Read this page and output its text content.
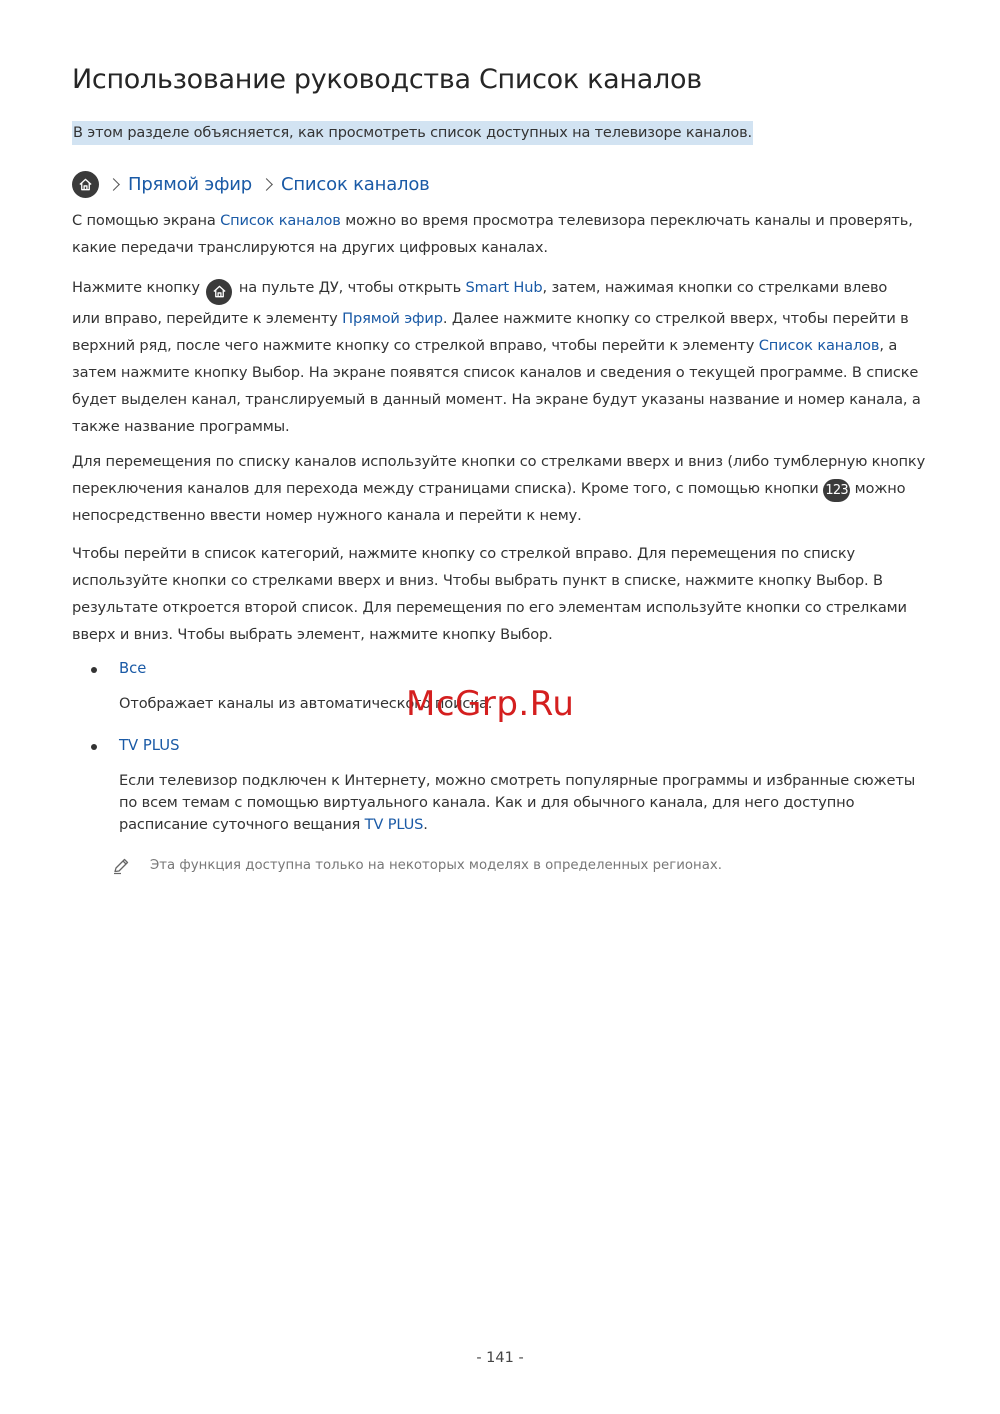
Использование руководства Список каналов
В этом разделе объясняется, как просмотреть список доступных на телевизоре каналов.
Прямой эфир Список каналов

С помощью экрана Список каналов можно во время просмотра телевизора переключать каналы и проверять,
какие передачи транслируются на других цифровых каналах.

Нажмите кнопку
на пульте ДУ, чтобы открыть Smart Hub, затем, нажимая кнопки со стрелками влево
или вправо, перейдите к элементу Прямой эфир. Далее нажмите кнопку со стрелкой вверх, чтобы перейти в
верхний ряд, после чего нажмите кнопку со стрелкой вправо, чтобы перейти к элементу Список каналов, а
затем нажмите кнопку Выбор. На экране появятся список каналов и сведения о текущей программе. В списке
будет выделен канал, транслируемый в данный момент. На экране будут указаны название и номер канала, а
также название программы.

Для перемещения по списку каналов используйте кнопки со стрелками вверх и вниз (либо тумблерную кнопку
переключения каналов для перехода между страницами списка). Кроме того, с помощью кнопки 123 можно
непосредственно ввести номер нужного канала и перейти к нему.

Чтобы перейти в список категорий, нажмите кнопку со стрелкой вправо. Для перемещения по списку
используйте кнопки со стрелками вверх и вниз. Чтобы выбрать пункт в списке, нажмите кнопку Выбор. В
результате откроется второй список. Для перемещения по его элементам используйте кнопки со стрелками
вверх и вниз. Чтобы выбрать элемент, нажмите кнопку Выбор.

Все

Отображает каналы из автоматического поиска.

TV PLUS

Если телевизор подключен к Интернету, можно смотреть популярные программы и избранные сюжеты
по всем темам с помощью виртуального канала. Как и для обычного канала, для него доступно
расписание суточного вещания TV PLUS.

McGrp.Ru
Эта функция доступна только на некоторых моделях в определенных регионах.
- 141 -
